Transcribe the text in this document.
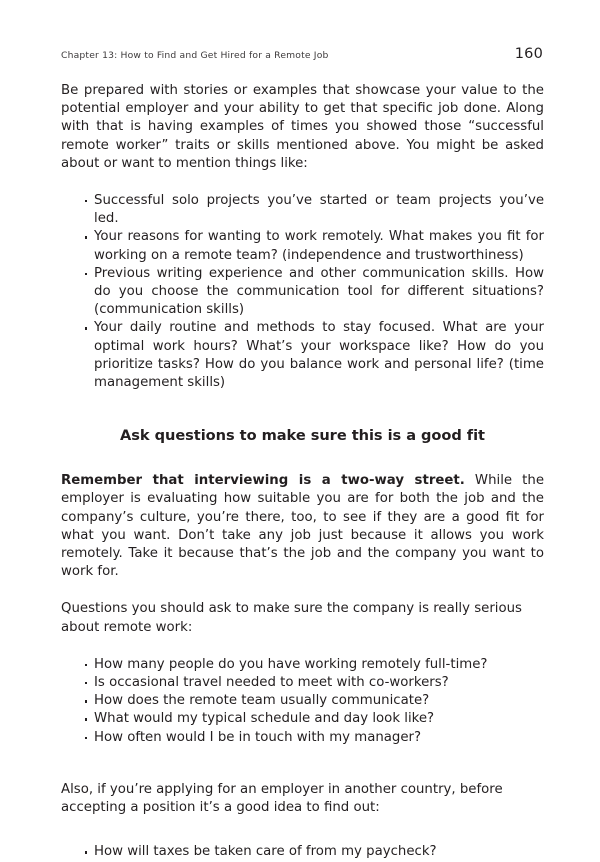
Chapter 13: How to Find and Get Hired for a Remote Job	160

Be prepared with stories or examples that showcase your value to the potential employer and your ability to get that specific job done. Along with that is having examples of times you showed those “successful remote worker” traits or skills mentioned above. You might be asked about or want to mention things like:

Successful solo projects you’ve started or team projects you’ve led.
Your reasons for wanting to work remotely. What makes you fit for working on a remote team? (independence and trustworthiness)
Previous writing experience and other communication skills. How do you choose the communication tool for different situations? (communication skills)
Your daily routine and methods to stay focused. What are your optimal work hours? What’s your workspace like? How do you prioritize tasks? How do you balance work and personal life? (time management skills)
Ask questions to make sure this is a good fit

Remember that interviewing is a two-way street. While the employer is evaluating how suitable you are for both the job and the company’s culture, you’re there, too, to see if they are a good fit for what you want. Don’t take any job just because it allows you work remotely. Take it because that’s the job and the company you want to work for.

Questions you should ask to make sure the company is really serious about remote work:

How many people do you have working remotely full-time?
Is occasional travel needed to meet with co-workers?
How does the remote team usually communicate?
What would my typical schedule and day look like?
How often would I be in touch with my manager?

Also, if you’re applying for an employer in another country, before accepting a position it’s a good idea to find out:

How will taxes be taken care of from my paycheck?
